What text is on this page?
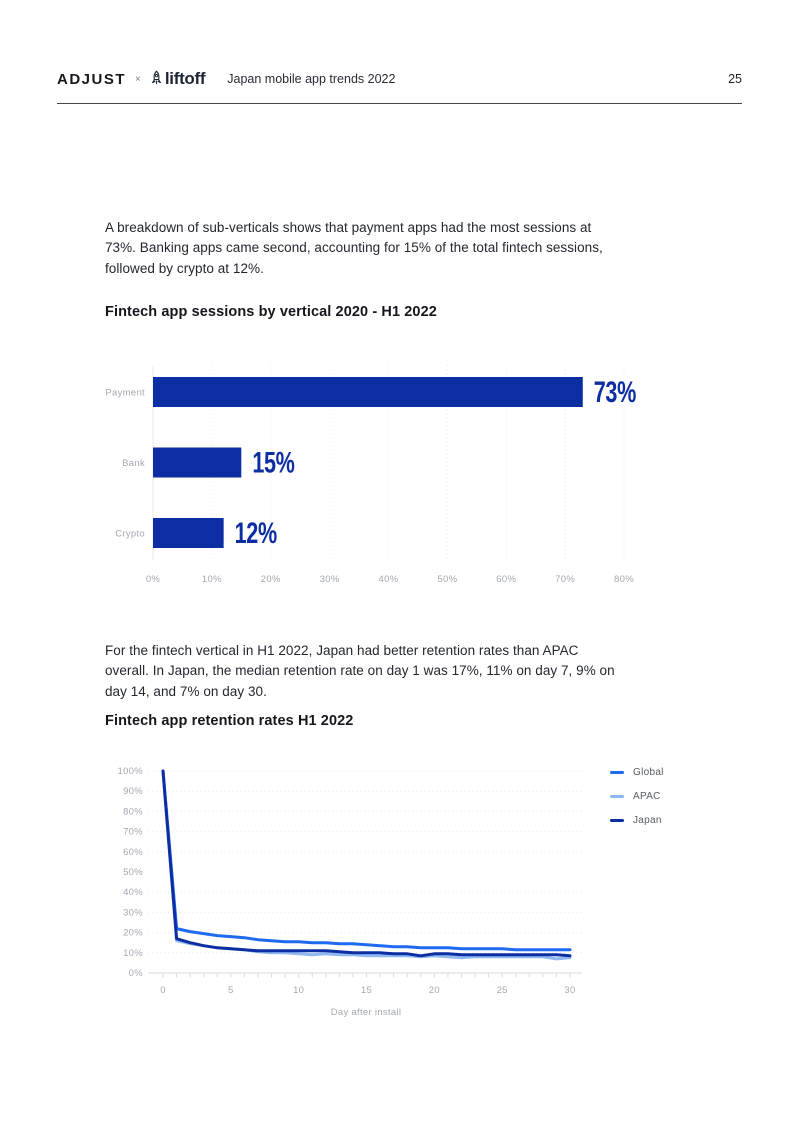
ADJUST × liftoff Japan mobile app trends 2022	25

A breakdown of sub-verticals shows that payment apps had the most sessions at 73%. Banking apps came second, accounting for 15% of the total fintech sessions, followed by crypto at 12%.

Fintech app sessions by vertical 2020 - H1 2022
0%	10%	20%	30%	40%	50%	60%	70%	80%
Payment	73%
Bank	15%
Crypto	12%

For the fintech vertical in H1 2022, Japan had better retention rates than APAC overall. In Japan, the median retention rate on day 1 was 17%, 11% on day 7, 9% on day 14, and 7% on day 30.

Fintech app retention rates H1 2022
100%
90%
80%
70%
60%
50%
40%
30%
20%
10%
0%
0	5	10	15	20	25	30
Day after install
Global
APAC
Japan
